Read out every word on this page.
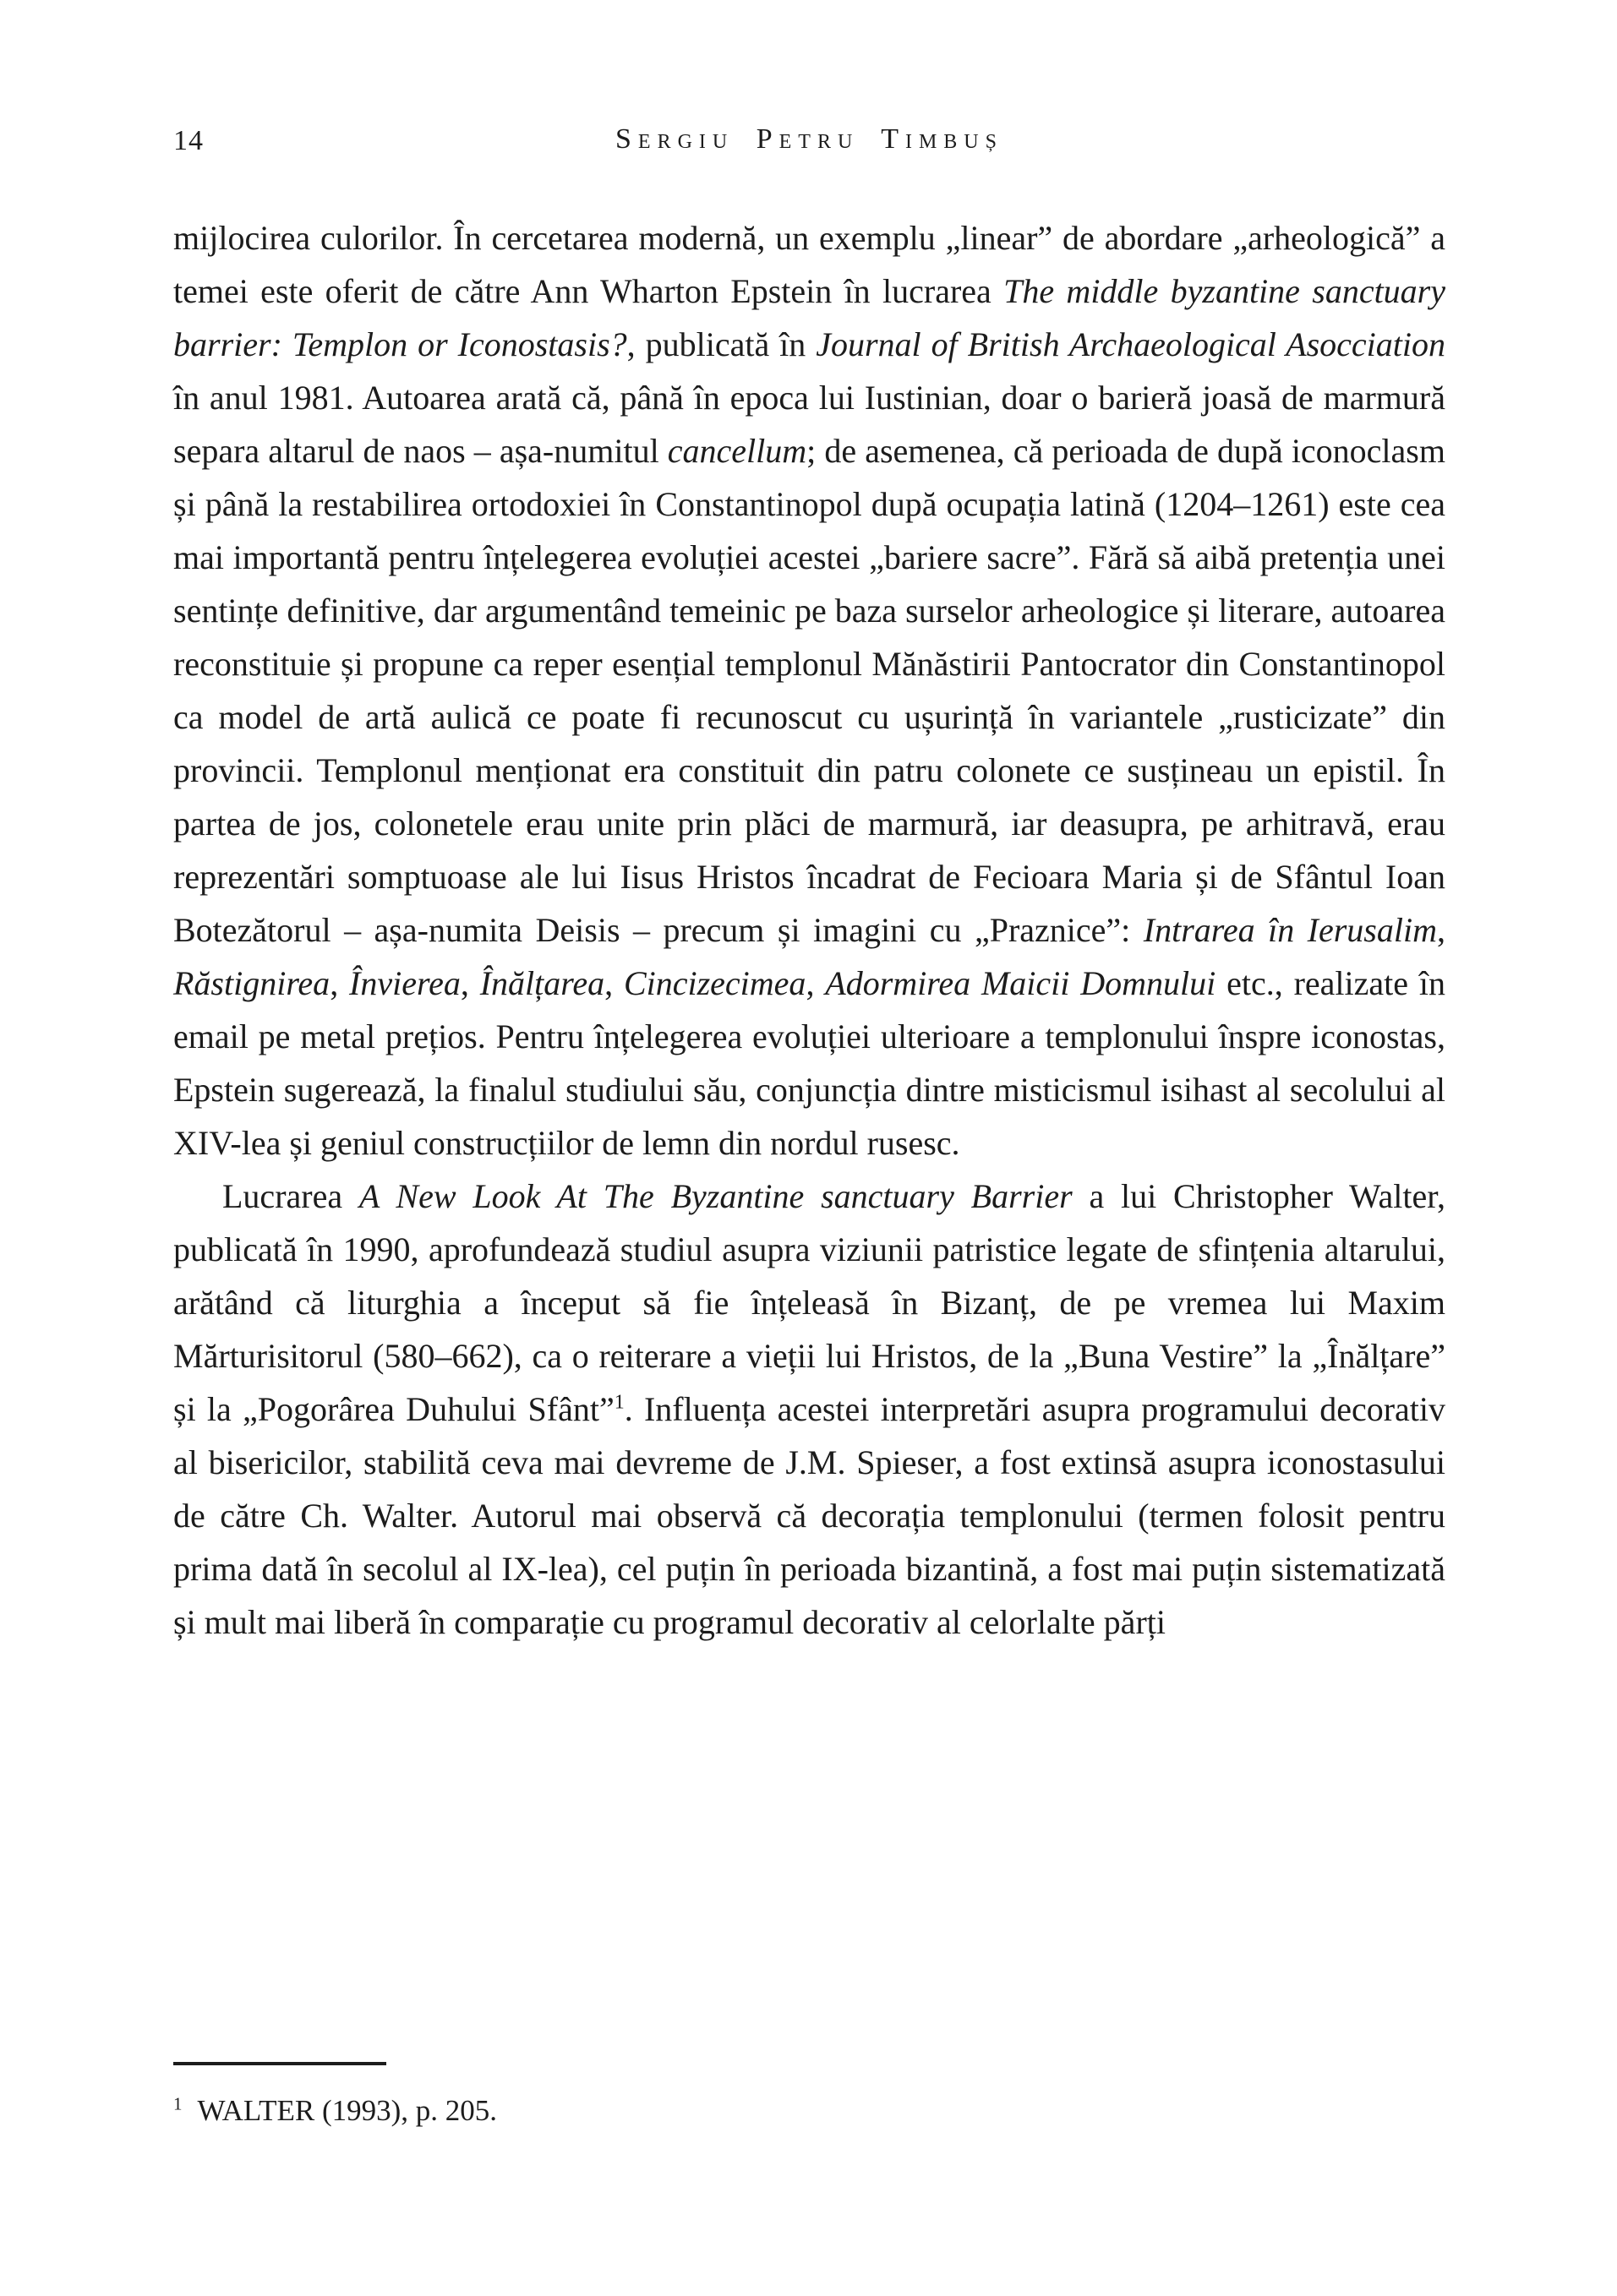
14	Sergiu Petru Timbuș

mijlocirea culorilor. În cercetarea modernă, un exemplu „linear” de abordare „arheologică” a temei este oferit de către Ann Wharton Epstein în lucrarea The middle byzantine sanctuary barrier: Templon or Iconostasis?, publicată în Journal of British Archaeological Asocciation în anul 1981. Autoarea arată că, până în epoca lui Iustinian, doar o barieră joasă de marmură separa altarul de naos – așa-numitul cancellum; de asemenea, că perioada de după iconoclasm și până la restabilirea ortodoxiei în Constantinopol după ocupația latină (1204–1261) este cea mai importantă pentru înțelegerea evoluției acestei „bariere sacre”. Fără să aibă pretenția unei sentințe definitive, dar argumentând temeinic pe baza surselor arheologice și literare, autoarea reconstituie și propune ca reper esențial templonul Mănăstirii Pantocrator din Constantinopol ca model de artă aulică ce poate fi recunoscut cu ușurință în variantele „rusticizate” din provincii. Templonul menționat era constituit din patru colonete ce susțineau un epistil. În partea de jos, colonetele erau unite prin plăci de marmură, iar deasupra, pe arhitravă, erau reprezentări somptuoase ale lui Iisus Hristos încadrat de Fecioara Maria și de Sfântul Ioan Botezătorul – așa-numita Deisis – precum și imagini cu „Praznice”: Intrarea în Ierusalim, Răstignirea, Învierea, Înălțarea, Cincizecimea, Adormirea Maicii Domnului etc., realizate în email pe metal prețios. Pentru înțelegerea evoluției ulterioare a templonului înspre iconostas, Epstein sugerează, la finalul studiului său, conjuncția dintre misticismul isihast al secolului al XIV-lea și geniul construcțiilor de lemn din nordul rusesc.

Lucrarea A New Look At The Byzantine sanctuary Barrier a lui Christopher Walter, publicată în 1990, aprofundează studiul asupra viziunii patristice legate de sfințenia altarului, arătând că liturghia a început să fie înțeleasă în Bizanț, de pe vremea lui Maxim Mărturisitorul (580–662), ca o reiterare a vieții lui Hristos, de la „Buna Vestire” la „Înălțare” și la „Pogorârea Duhului Sfânt”$^1$. Influența acestei interpretări asupra programului decorativ al bisericilor, stabilită ceva mai devreme de J.M. Spieser, a fost extinsă asupra iconostasului de către Ch. Walter. Autorul mai observă că decorația templonului (termen folosit pentru prima dată în secolul al IX-lea), cel puțin în perioada bizantină, a fost mai puțin sistematizată și mult mai liberă în comparație cu programul decorativ al celorlalte părți

$^1$ WALTER (1993), p. 205.
